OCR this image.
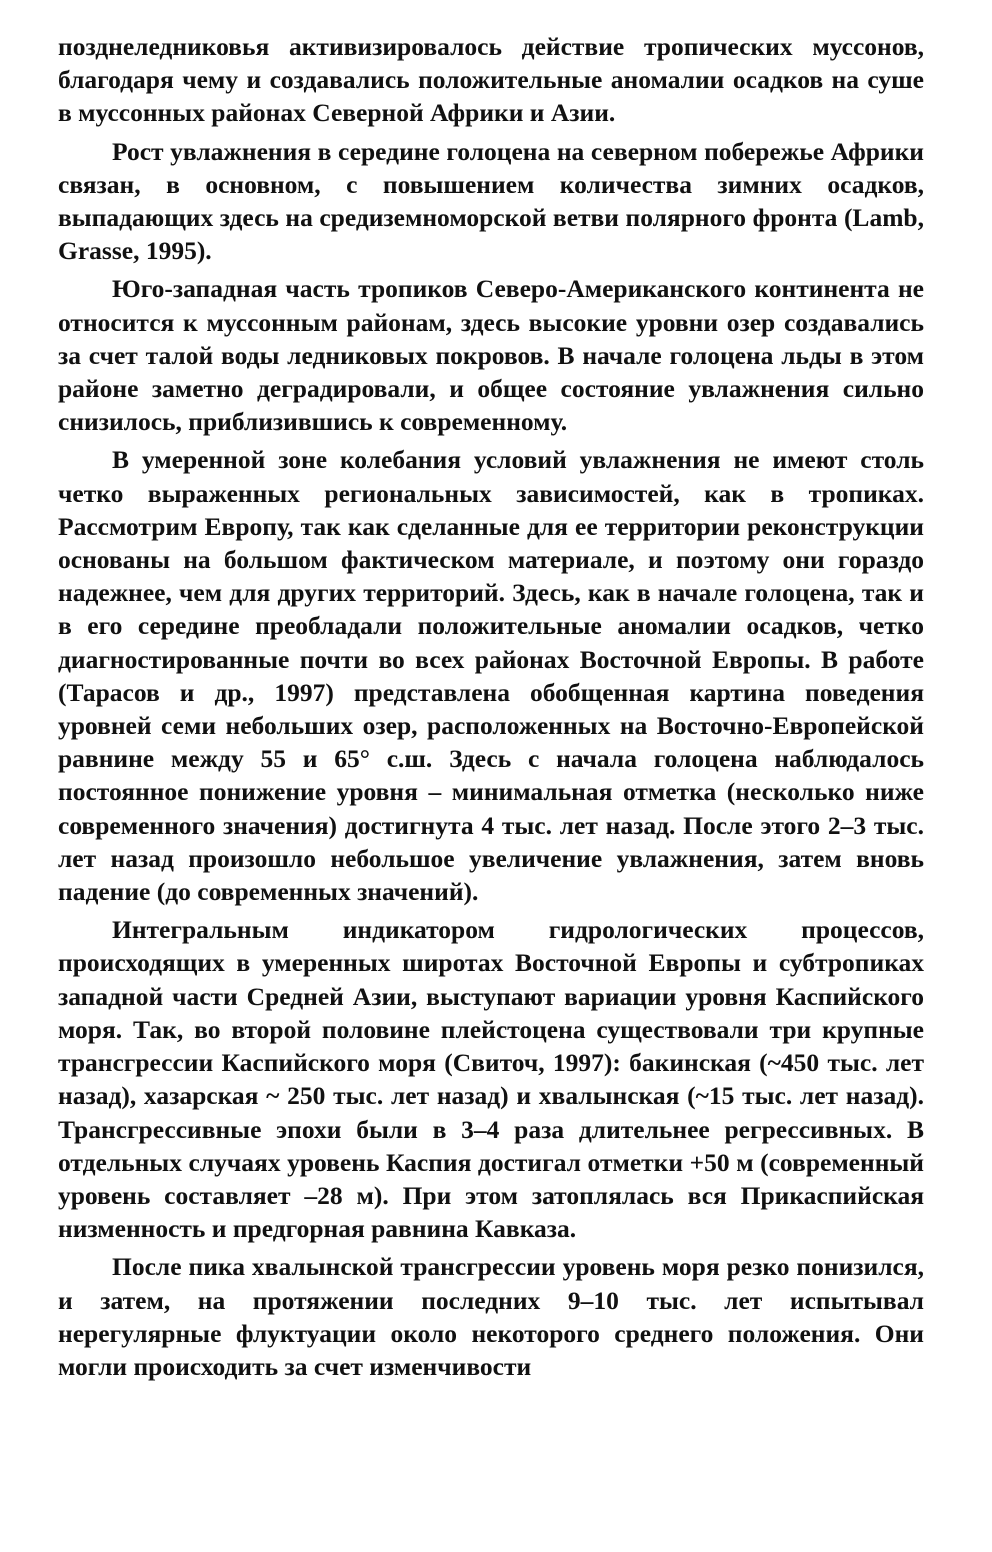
позднеледниковья активизировалось действие тропических муссонов, благодаря чему и создавались положительные аномалии осадков на суше в муссонных районах Северной Африки и Азии.

Рост увлажнения в середине голоцена на северном побережье Африки связан, в основном, с повышением количества зимних осадков, выпадающих здесь на средиземноморской ветви полярного фронта (Lamb, Grasse, 1995).

Юго-западная часть тропиков Северо-Американского континента не относится к муссонным районам, здесь высокие уровни озер создавались за счет талой воды ледниковых покровов. В начале голоцена льды в этом районе заметно деградировали, и общее состояние увлажнения сильно снизилось, приблизившись к современному.

В умеренной зоне колебания условий увлажнения не имеют столь четко выраженных региональных зависимостей, как в тропиках. Рассмотрим Европу, так как сделанные для ее территории реконструкции основаны на большом фактическом материале, и поэтому они гораздо надежнее, чем для других территорий. Здесь, как в начале голоцена, так и в его середине преобладали положительные аномалии осадков, четко диагностированные почти во всех районах Восточной Европы. В работе (Тарасов и др., 1997) представлена обобщенная картина поведения уровней семи небольших озер, расположенных на Восточно-Европейской равнине между 55 и 65° с.ш. Здесь с начала голоцена наблюдалось постоянное понижение уровня – минимальная отметка (несколько ниже современного значения) достигнута 4 тыс. лет назад. После этого 2–3 тыс. лет назад произошло небольшое увеличение увлажнения, затем вновь падение (до современных значений).

Интегральным индикатором гидрологических процессов, происходящих в умеренных широтах Восточной Европы и субтропиках западной части Средней Азии, выступают вариации уровня Каспийского моря. Так, во второй половине плейстоцена существовали три крупные трансгрессии Каспийского моря (Свиточ, 1997): бакинская (~450 тыс. лет назад), хазарская ~ 250 тыс. лет назад) и хвалынская (~15 тыс. лет назад). Трансгрессивные эпохи были в 3–4 раза длительнее регрессивных. В отдельных случаях уровень Каспия достигал отметки +50 м (современный уровень составляет –28 м). При этом затоплялась вся Прикаспийская низменность и предгорная равнина Кавказа.

После пика хвалынской трансгрессии уровень моря резко понизился, и затем, на протяжении последних 9–10 тыс. лет испытывал нерегулярные флуктуации около некоторого среднего положения. Они могли происходить за счет изменчивости
